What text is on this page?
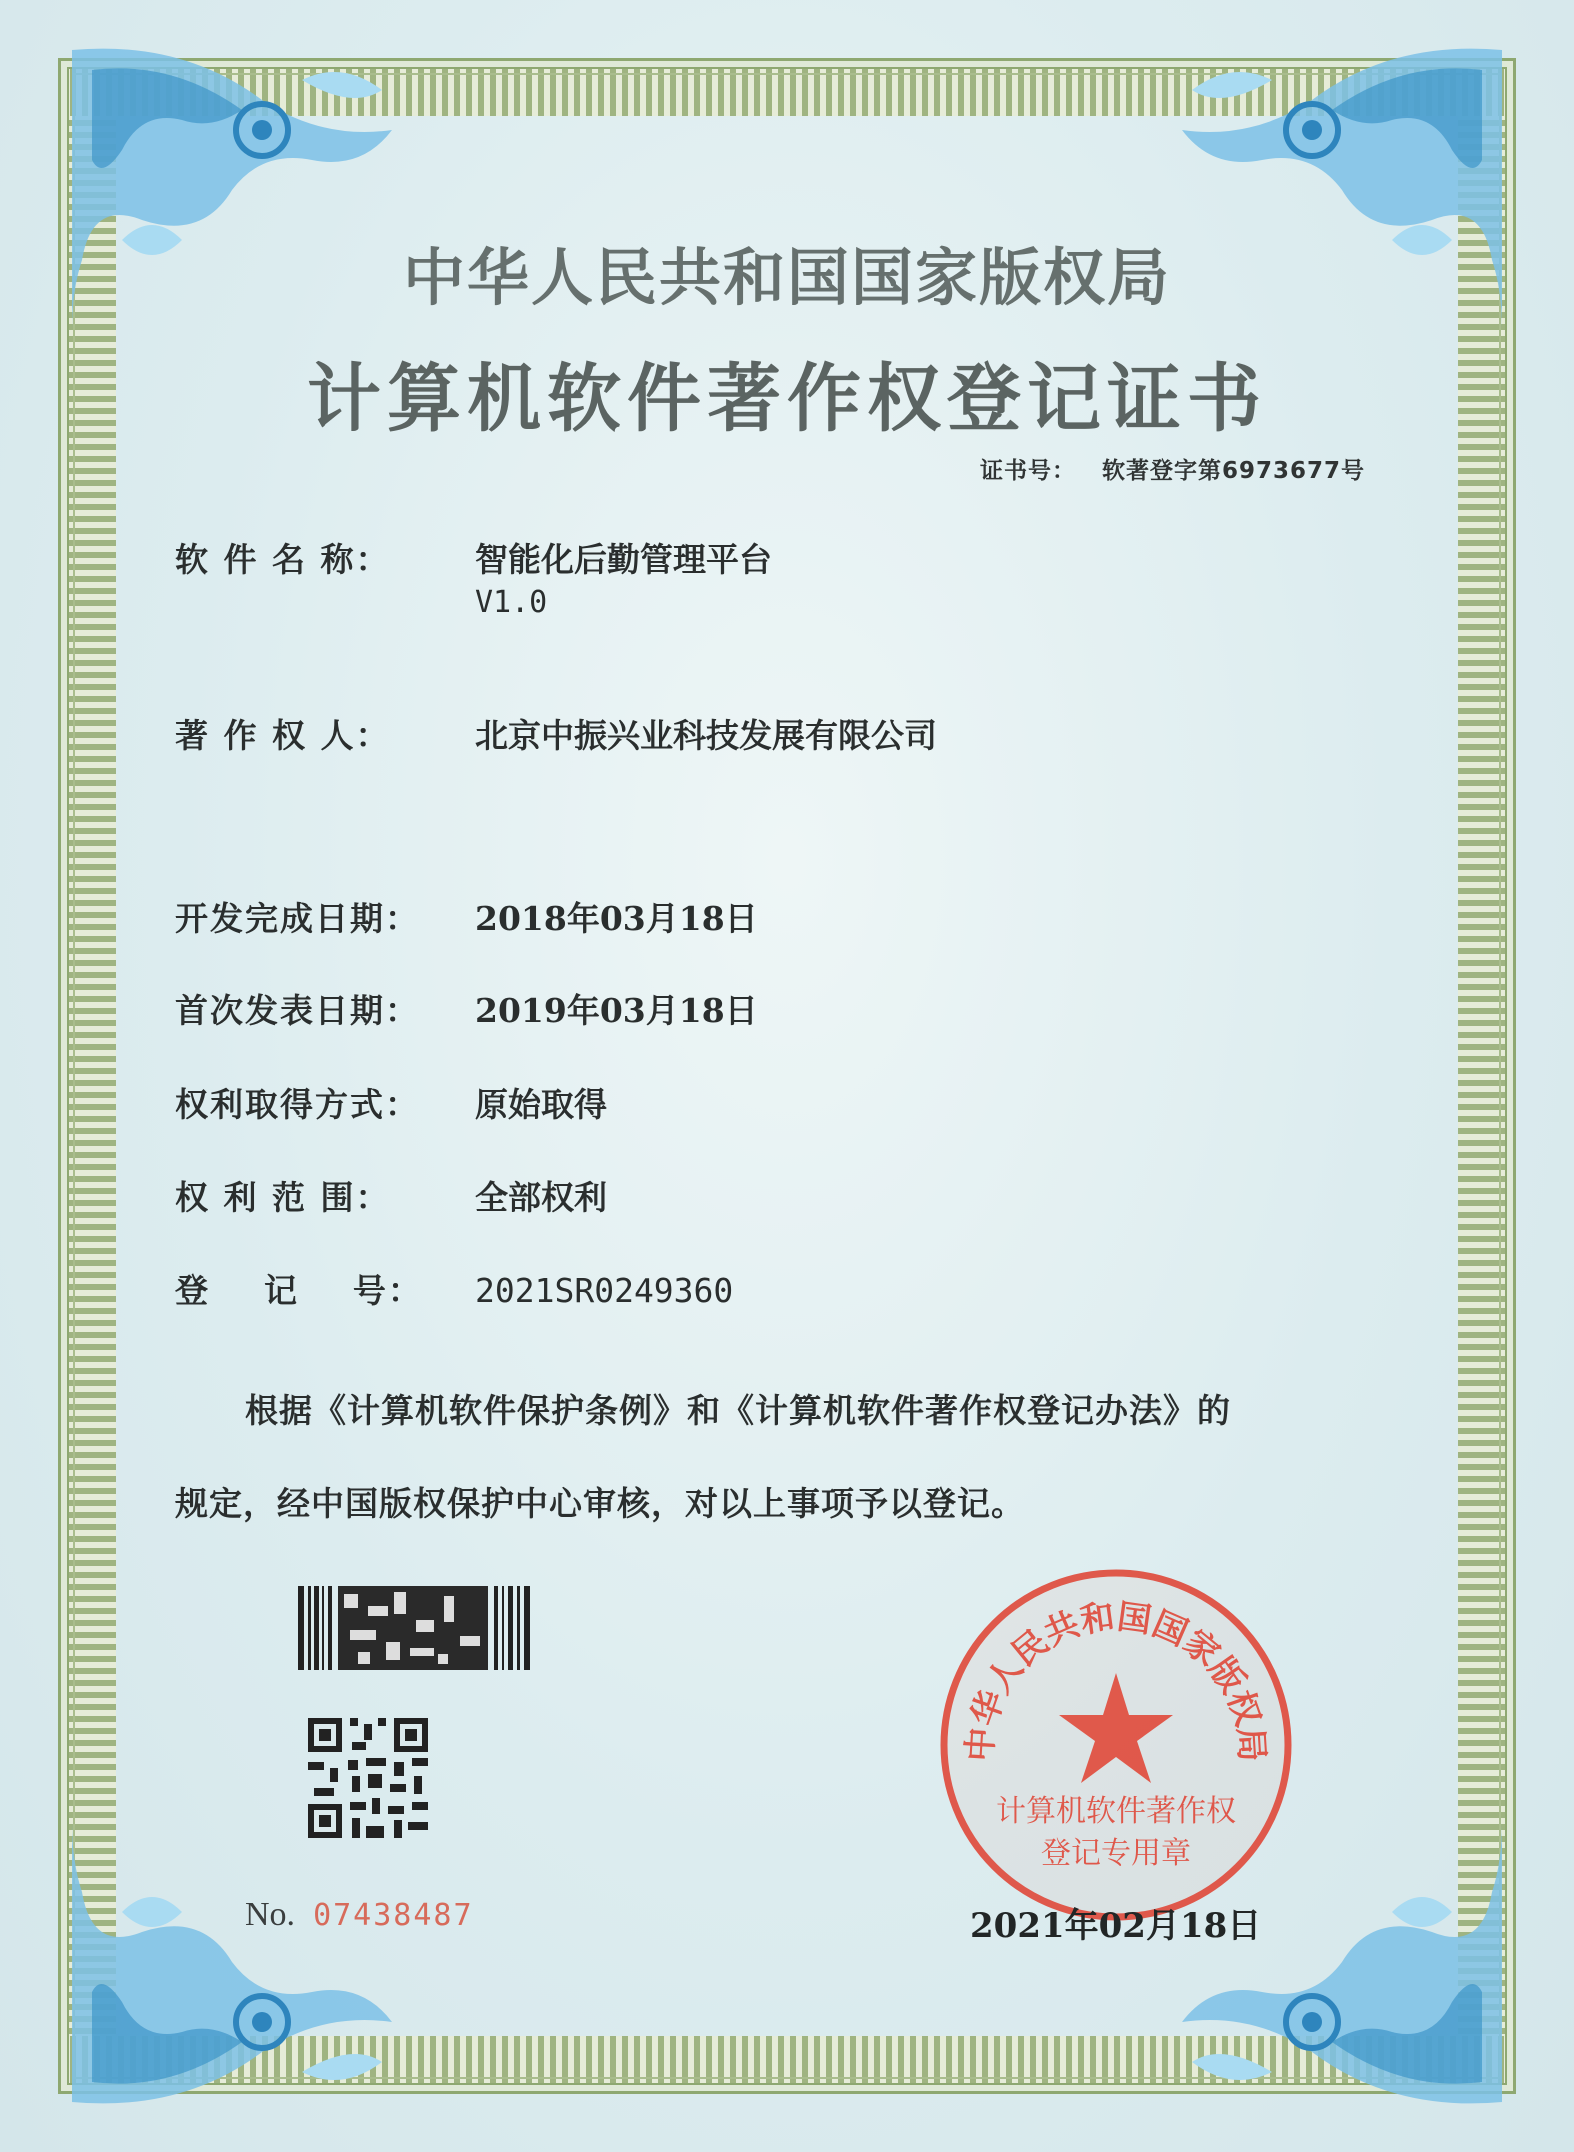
中华人民共和国国家版权局
计算机软件著作权登记证书
证书号： 软著登字第6973677号
软 件 名 称：	智能化后勤管理平台
V1.0
著 作 权 人：	北京中振兴业科技发展有限公司
开发完成日期： 2018年03月18日
首次发表日期： 2019年03月18日
权利取得方式： 原始取得
权 利 范 围：	全部权利
登    记    号： 2021SR0249360
根据《计算机软件保护条例》和《计算机软件著作权登记办法》的
规定，经中国版权保护中心审核，对以上事项予以登记。
No. 07438487
中华人民共和国国家版权局
计算机软件著作权
登记专用章
2021年02月18日
